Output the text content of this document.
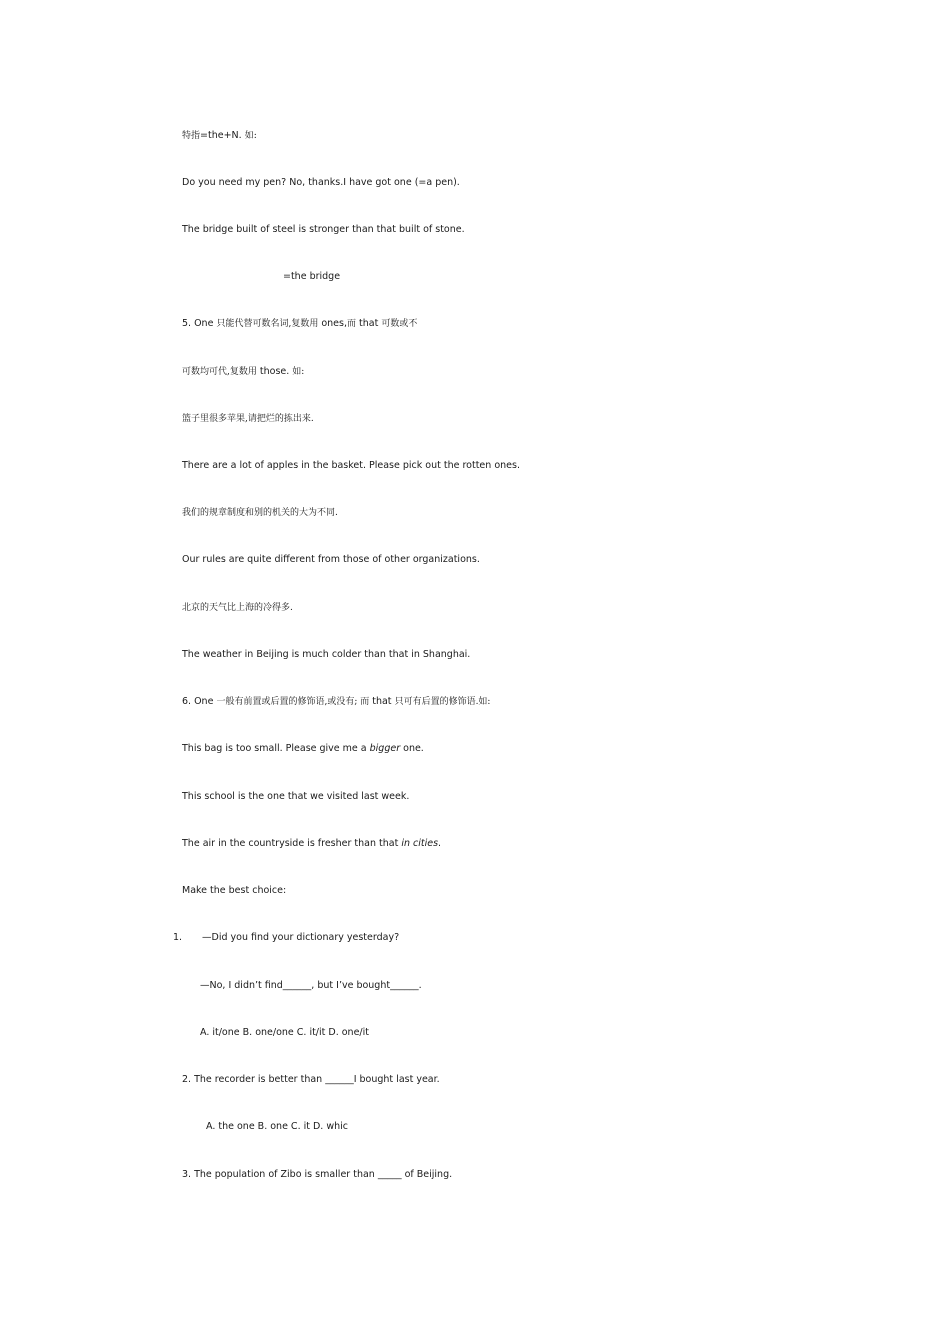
特指=the+N. 如:
Do you need my pen? No, thanks.I have got one (=a pen).
The bridge built of steel is stronger than that built of stone.
=the bridge
5. One 只能代替可数名词,复数用 ones,而 that 可数或不
可数均可代,复数用 those. 如:
篮子里很多苹果,请把烂的拣出来.
There are a lot of apples in the basket. Please pick out the rotten ones.
我们的规章制度和别的机关的大为不同.
Our rules are quite different from those of other organizations.
北京的天气比上海的冷得多.
The weather in Beijing is much colder than that in Shanghai.
6. One 一般有前置或后置的修饰语,或没有; 而 that 只可有后置的修饰语.如:
This bag is too small. Please give me a bigger one.
This school is the one that we visited last week.
The air in the countryside is fresher than that in cities.
Make the best choice:
1. —Did you find your dictionary yesterday?
—No, I didn’t find______, but I’ve bought______.
A. it/one B. one/one C. it/it D. one/it
2. The recorder is better than ______I bought last year.
A. the one B. one C. it D. whic
3. The population of Zibo is smaller than _____ of Beijing.
